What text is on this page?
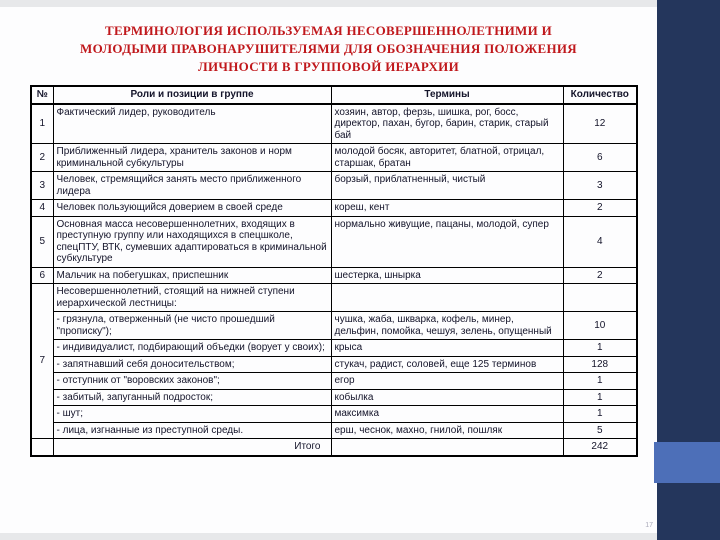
ТЕРМИНОЛОГИЯ ИСПОЛЬЗУЕМАЯ НЕСОВЕРШЕННОЛЕТНИМИ И
МОЛОДЫМИ ПРАВОНАРУШИТЕЛЯМИ ДЛЯ ОБОЗНАЧЕНИЯ ПОЛОЖЕНИЯ
ЛИЧНОСТИ В ГРУППОВОЙ ИЕРАРХИИ
№	Роли и позиции в группе	Термины	Количество
1	Фактический лидер, руководитель	хозяин, автор, ферзь, шишка, рог, босс, директор, пахан, бугор, барин, старик, старый бай	12
2	Приближенный лидера, хранитель законов и норм криминальной субкультуры	молодой босяк, авторитет, блатной, отрицал, старшак, братан	6
3	Человек, стремящийся занять место приближенного лидера	борзый, приблатненный, чистый	3
4	Человек пользующийся доверием в своей среде	кореш, кент	2
5	Основная масса несовершеннолетних, входящих в преступную группу или находящихся в спецшколе, спецПТУ, ВТК, сумевших адаптироваться в криминальной субкультуре	нормально живущие, пацаны, молодой, супер	4
6	Мальчик на побегушках, приспешник	шестерка, шнырка	2
7	Несовершеннолетний, стоящий на нижней ступени иерархической лестницы:		
	- грязнула, отверженный (не чисто прошедший "прописку");	чушка, жаба, шкварка, кофель, минер, дельфин, помойка, чешуя, зелень, опущенный	10
	- индивидуалист, подбирающий объедки (ворует у своих);	крыса	1
	- запятнавший себя доносительством;	стукач, радист, соловей, еще 125 терминов	128
	- отступник от "воровских законов";	егор	1
	- забитый, запуганный подросток;	кобылка	1
	- шут;	максимка	1
	- лица, изгнанные из преступной среды.	ерш, чеснок, махно, гнилой, пошляк	5
	Итого		242
17
